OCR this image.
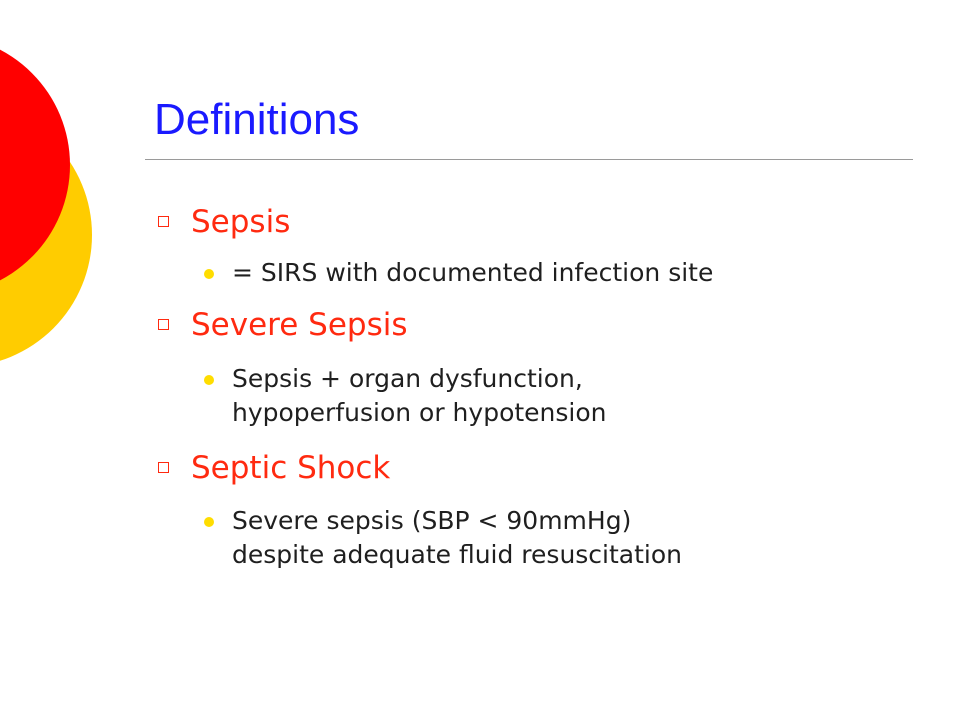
Definitions
Sepsis
= SIRS with documented infection site
Severe Sepsis
Sepsis + organ dysfunction,
hypoperfusion or hypotension
Septic Shock
Severe sepsis (SBP < 90mmHg)
despite adequate fluid resuscitation
